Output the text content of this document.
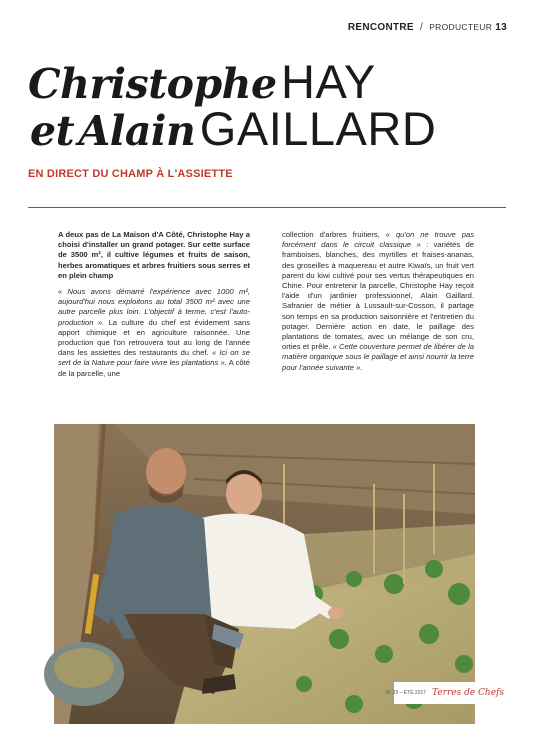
RENCONTRE / PRODUCTEUR 13
Christophe HAY
et Alain GAILLARD
EN DIRECT DU CHAMP À L'ASSIETTE

A deux pas de La Maison d'A Côté, Christophe Hay a choisi d'installer un grand potager. Sur cette surface de 3500 m², il cultive légumes et fruits de saison, herbes aromatiques et arbres fruitiers sous serres et en plein champ

« Nous avons démarré l'expérience avec 1000 m², aujourd'hui nous exploitons au total 3500 m² avec une autre parcelle plus loin. L'objectif à terme, c'est l'auto-production ». La culture du chef est évidement sans apport chimique et en agriculture raisonnée. Une production que l'on retrouvera tout au long de l'année dans les assiettes des restaurants du chef. « Ici on se sert de la Nature pour faire vivre les plantations ». A côté de la parcelle, une

collection d'arbres fruitiers, « qu'on ne trouve pas forcément dans le circuit classique » : variétés de framboises, blanches, des myrtilles et fraises-ananas, des groseilles à maquereau et autre Kiwaïs, un fruit vert parent du kiwi cultivé pour ses vertus thérapeutiques en Chine. Pour entretenir la parcelle, Christophe Hay reçoit l'aide d'un jardinier professionnel, Alain Gaillard. Safranier de métier à Lussault-sur-Cosson, il partage son temps en sa production saisonnière et l'entretien du potager. Dernière action en date, le paillage des plantations de tomates, avec un mélange de son cru, orties et prêle. « Cette couverture permet de libérer de la matière organique sous le paillage et ainsi nourrir la terre pour l'année suivante ».

Nº 25 – ÉTÉ 2017 Terres de Chefs
